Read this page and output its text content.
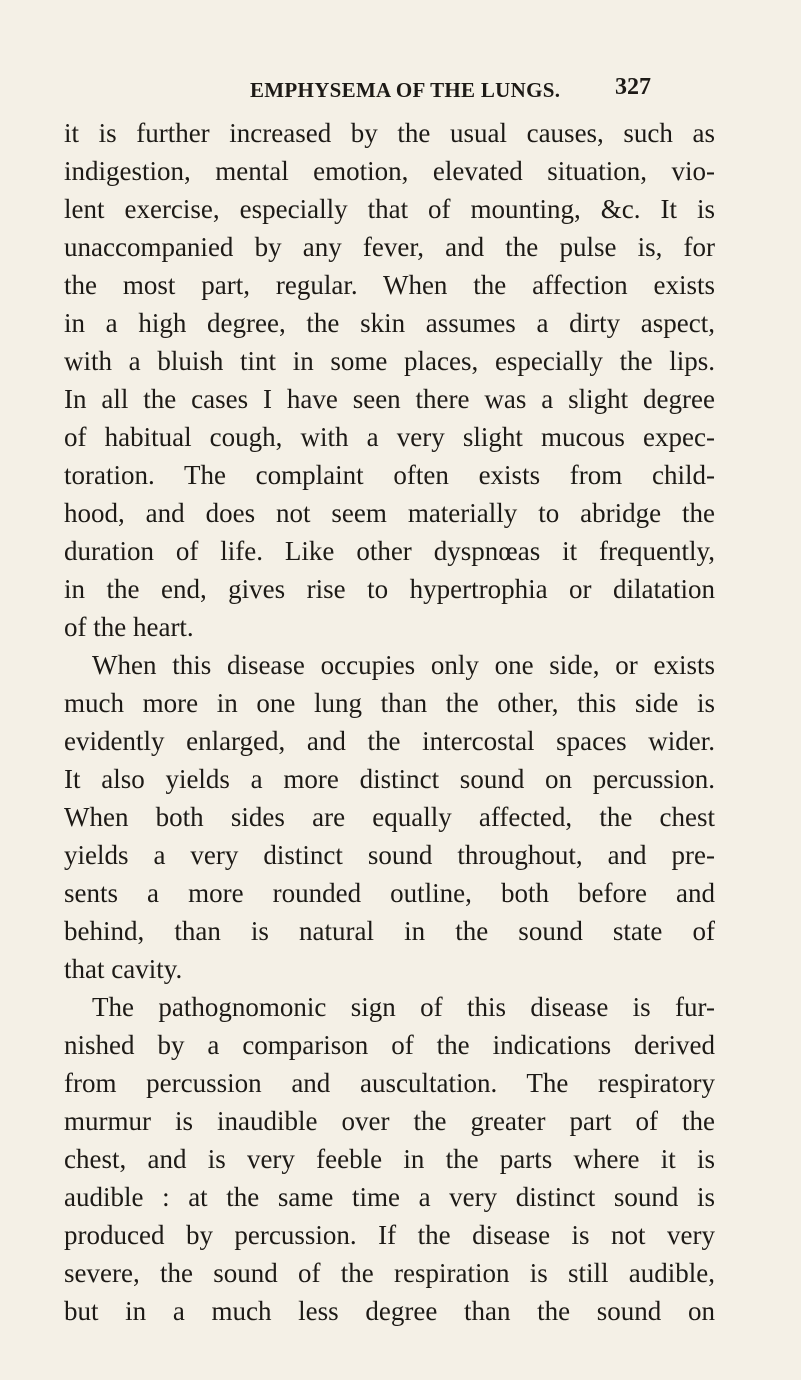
EMPHYSEMA OF THE LUNGS. 327
it is further increased by the usual causes, such as
indigestion, mental emotion, elevated situation, vio-
lent exercise, especially that of mounting, &c. It is
unaccompanied by any fever, and the pulse is, for
the most part, regular. When the affection exists
in a high degree, the skin assumes a dirty aspect,
with a bluish tint in some places, especially the lips.
In all the cases I have seen there was a slight degree
of habitual cough, with a very slight mucous expec-
toration. The complaint often exists from child-
hood, and does not seem materially to abridge the
duration of life. Like other dyspnœas it frequently,
in the end, gives rise to hypertrophia or dilatation
of the heart.
When this disease occupies only one side, or exists
much more in one lung than the other, this side is
evidently enlarged, and the intercostal spaces wider.
It also yields a more distinct sound on percussion.
When both sides are equally affected, the chest
yields a very distinct sound throughout, and pre-
sents a more rounded outline, both before and
behind, than is natural in the sound state of
that cavity.
The pathognomonic sign of this disease is fur-
nished by a comparison of the indications derived
from percussion and auscultation. The respiratory
murmur is inaudible over the greater part of the
chest, and is very feeble in the parts where it is
audible : at the same time a very distinct sound is
produced by percussion. If the disease is not very
severe, the sound of the respiration is still audible,
but in a much less degree than the sound on
